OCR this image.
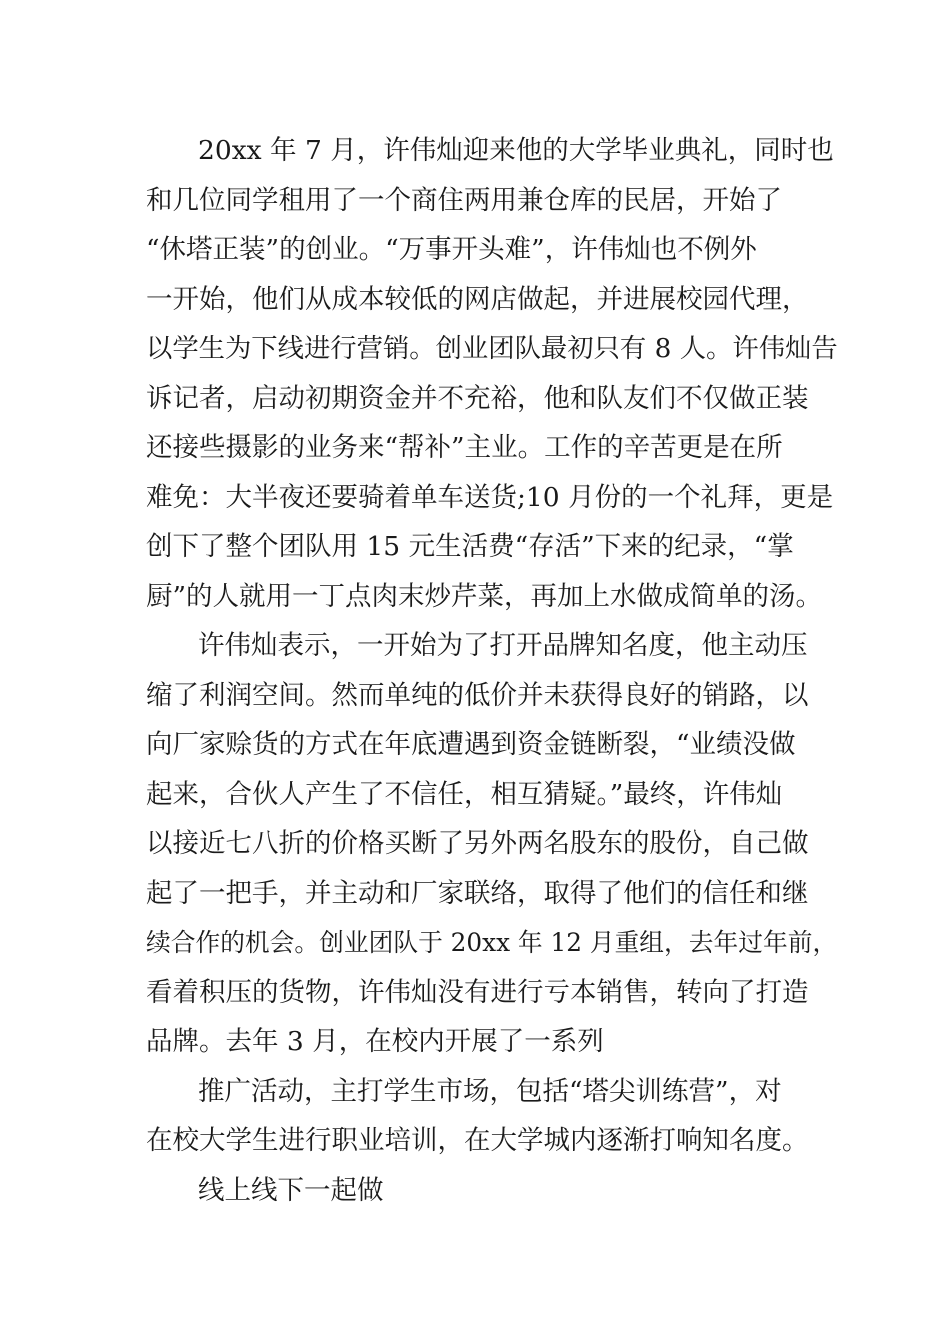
20xx 年 7 月，许伟灿迎来他的大学毕业典礼，同时也
和几位同学租用了一个商住两用兼仓库的民居，开始了
“休塔正装”的创业。“万事开头难”，许伟灿也不例外
一开始，他们从成本较低的网店做起，并进展校园代理，
以学生为下线进行营销。创业团队最初只有 8 人。许伟灿告
诉记者，启动初期资金并不充裕，他和队友们不仅做正装
还接些摄影的业务来“帮补”主业。工作的辛苦更是在所
难免：大半夜还要骑着单车送货;10 月份的一个礼拜，更是
创下了整个团队用 15 元生活费“存活”下来的纪录，“掌
厨”的人就用一丁点肉末炒芹菜，再加上水做成简单的汤。
许伟灿表示，一开始为了打开品牌知名度，他主动压
缩了利润空间。然而单纯的低价并未获得良好的销路，以
向厂家赊货的方式在年底遭遇到资金链断裂，“业绩没做
起来，合伙人产生了不信任，相互猜疑。”最终，许伟灿
以接近七八折的价格买断了另外两名股东的股份，自己做
起了一把手，并主动和厂家联络，取得了他们的信任和继
续合作的机会。创业团队于 20xx 年 12 月重组，去年过年前，
看着积压的货物，许伟灿没有进行亏本销售，转向了打造
品牌。去年 3 月，在校内开展了一系列
推广活动，主打学生市场，包括“塔尖训练营”，对
在校大学生进行职业培训，在大学城内逐渐打响知名度。
线上线下一起做
